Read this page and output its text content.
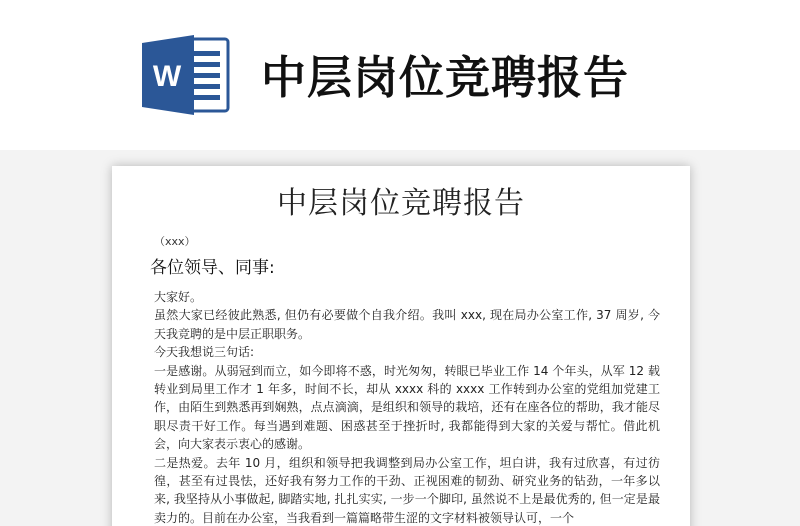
W 中层岗位竞聘报告
中层岗位竞聘报告
（xxx）
各位领导、同事:

大家好。

虽然大家已经彼此熟悉, 但仍有必要做个自我介绍。我叫 xxx, 现在局办公室工作, 37 周岁, 今天我竞聘的是中层正职职务。

今天我想说三句话:

一是感谢。从弱冠到而立，如今即将不惑，时光匆匆，转眼已毕业工作 14 个年头，从军 12 载转业到局里工作才 1 年多，时间不长，却从 xxxx 科的 xxxx 工作转到办公室的党组加党建工作，由陌生到熟悉再到娴熟，点点滴滴，是组织和领导的栽培，还有在座各位的帮助，我才能尽职尽责干好工作。每当遇到难题、困惑甚至于挫折时, 我都能得到大家的关爱与帮忙。借此机会，向大家表示衷心的感谢。

二是热爱。去年 10 月，组织和领导把我调整到局办公室工作，坦白讲，我有过欣喜，有过彷徨，甚至有过畏怯，还好我有努力工作的干劲、正视困难的韧劲、研究业务的钻劲，一年多以来, 我坚持从小事做起, 脚踏实地, 扎扎实实, 一步一个脚印, 虽然说不上是最优秀的, 但一定是最卖力的。目前在办公室，当我看到一篇篇略带生涩的文字材料被领导认可，一个
